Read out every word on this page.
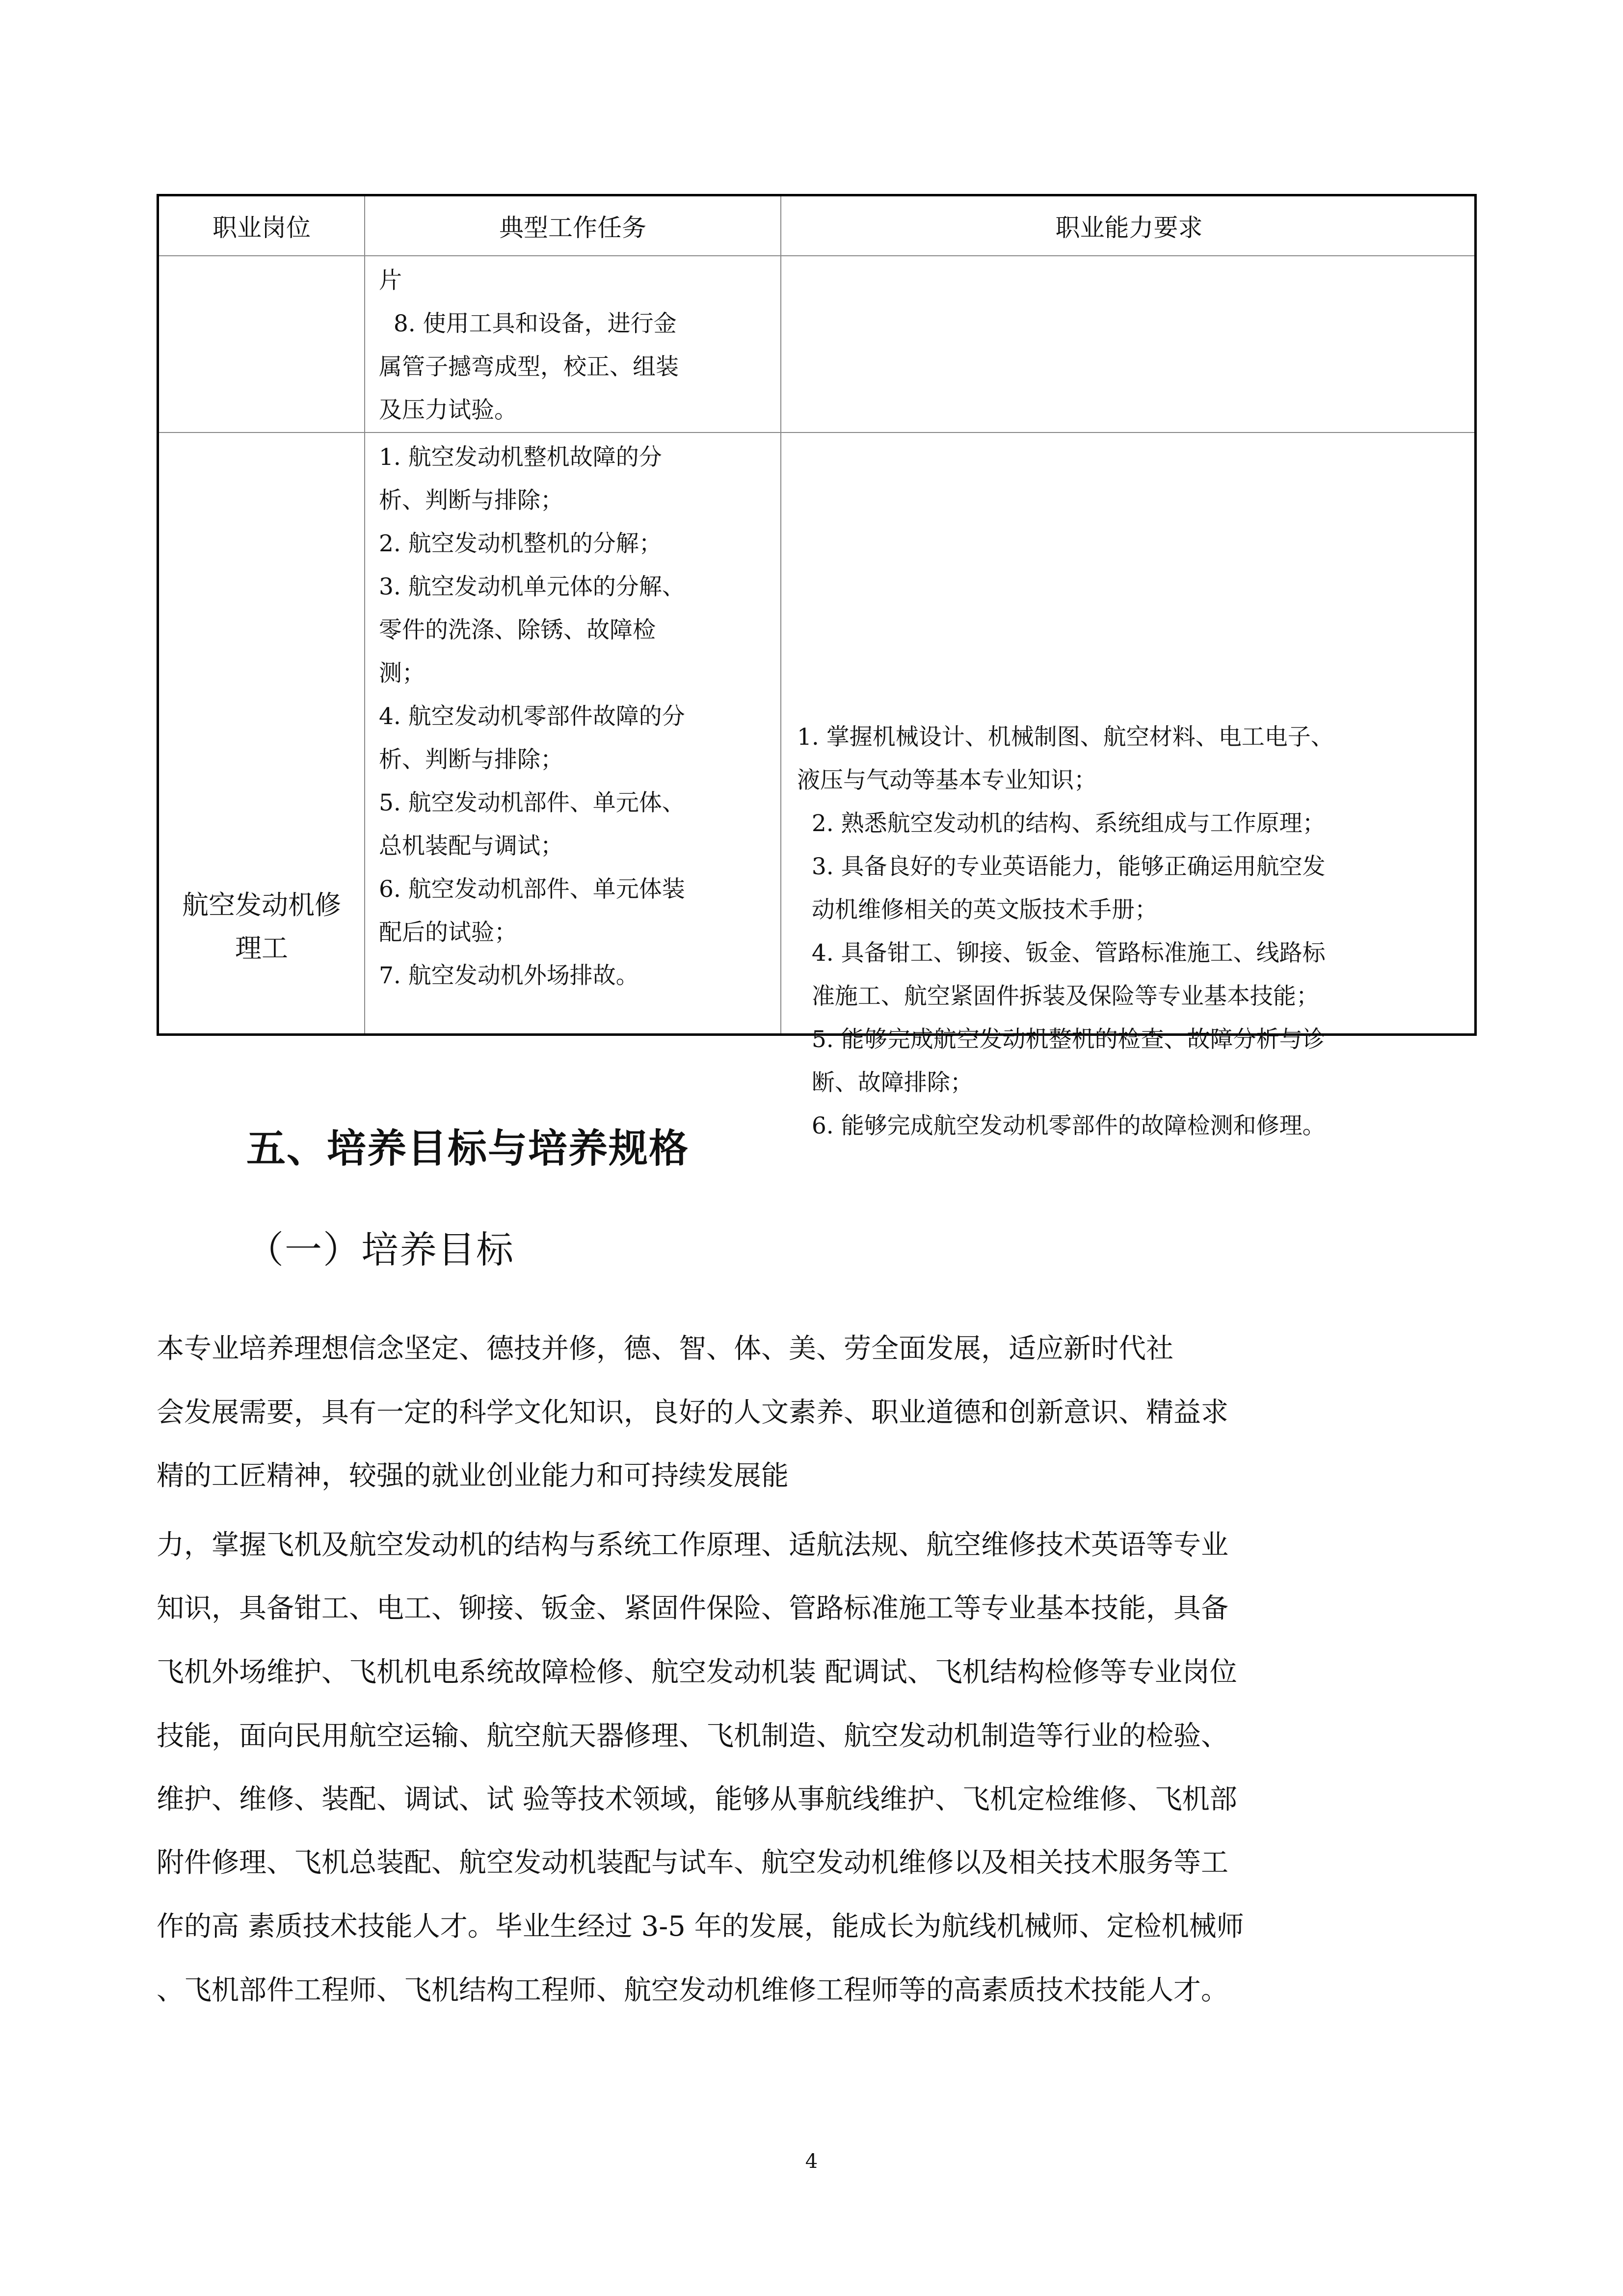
职业岗位	典型工作任务	职业能力要求
片
8. 使用工具和设备，进行金
属管子撼弯成型，校正、组装
及压力试验。
航空发动机修
理工
1. 航空发动机整机故障的分
析、判断与排除；
2. 航空发动机整机的分解；
3. 航空发动机单元体的分解、
零件的洗涤、除锈、故障检
测；
4. 航空发动机零部件故障的分
析、判断与排除；
5. 航空发动机部件、单元体、
总机装配与调试；
6. 航空发动机部件、单元体装
配后的试验；
7. 航空发动机外场排故。
1. 掌握机械设计、机械制图、航空材料、电工电子、
液压与气动等基本专业知识；
2. 熟悉航空发动机的结构、系统组成与工作原理；
3. 具备良好的专业英语能力，能够正确运用航空发
动机维修相关的英文版技术手册；
4. 具备钳工、铆接、钣金、管路标准施工、线路标
准施工、航空紧固件拆装及保险等专业基本技能；
5. 能够完成航空发动机整机的检查、故障分析与诊
断、故障排除；
6. 能够完成航空发动机零部件的故障检测和修理。
五、培养目标与培养规格
（一）培养目标
本专业培养理想信念坚定、德技并修，德、智、体、美、劳全面发展，适应新时代社
会发展需要，具有一定的科学文化知识，良好的人文素养、职业道德和创新意识、精益求
精的工匠精神，较强的就业创业能力和可持续发展能
力，掌握飞机及航空发动机的结构与系统工作原理、适航法规、航空维修技术英语等专业
知识，具备钳工、电工、铆接、钣金、紧固件保险、管路标准施工等专业基本技能，具备
飞机外场维护、飞机机电系统故障检修、航空发动机装 配调试、飞机结构检修等专业岗位
技能，面向民用航空运输、航空航天器修理、飞机制造、航空发动机制造等行业的检验、
维护、维修、装配、调试、试 验等技术领域，能够从事航线维护、飞机定检维修、飞机部
附件修理、飞机总装配、航空发动机装配与试车、航空发动机维修以及相关技术服务等工
作的高 素质技术技能人才。毕业生经过 3-5 年的发展，能成长为航线机械师、定检机械师
、飞机部件工程师、飞机结构工程师、航空发动机维修工程师等的高素质技术技能人才。
4
